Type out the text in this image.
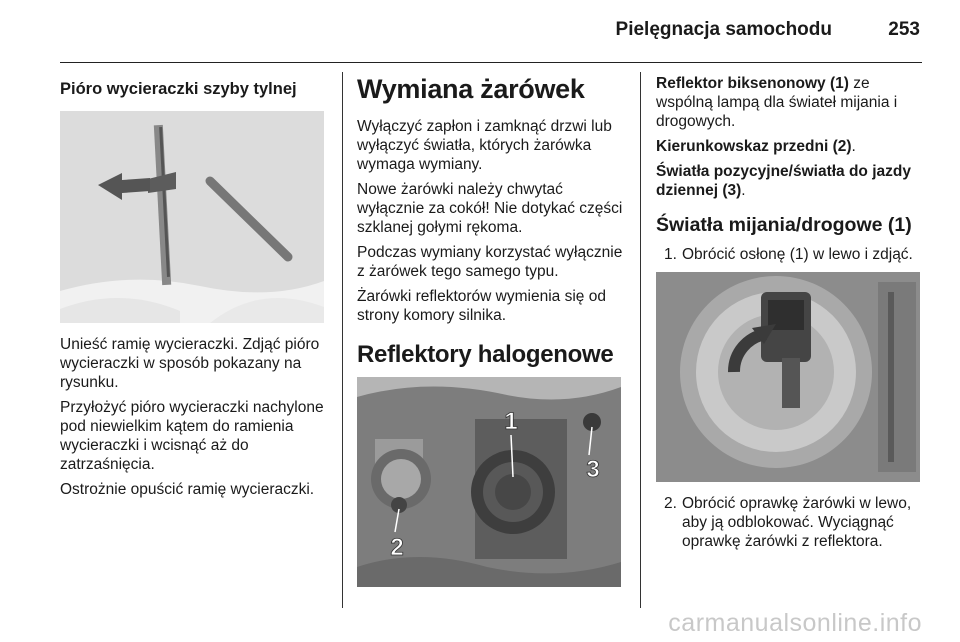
Pielęgnacja samochodu	253
Pióro wycieraczki szyby tylnej

Unieść ramię wycieraczki. Zdjąć pióro wycieraczki w sposób pokazany na rysunku.

Przyłożyć pióro wycieraczki nachylone pod niewielkim kątem do ramienia wycieraczki i wcisnąć aż do zatrzaśnięcia.

Ostrożnie opuścić ramię wycieraczki.

Wymiana żarówek

Wyłączyć zapłon i zamknąć drzwi lub wyłączyć światła, których żarówka wymaga wymiany.

Nowe żarówki należy chwytać wyłącznie za cokół! Nie dotykać części szklanej gołymi rękoma.

Podczas wymiany korzystać wyłącznie z żarówek tego samego typu.

Żarówki reflektorów wymienia się od strony komory silnika.

Reflektory halogenowe
1
3
2

Reflektor biksenonowy (1) ze wspólną lampą dla świateł mijania i drogowych.

Kierunkowskaz przedni (2).

Światła pozycyjne/światła do jazdy dziennej (3).

Światła mijania/drogowe (1)
1. Obrócić osłonę (1) w lewo i zdjąć.
2. Obrócić oprawkę żarówki w lewo, aby ją odblokować. Wyciągnąć oprawkę żarówki z reflektora.
carmanualsonline.info
